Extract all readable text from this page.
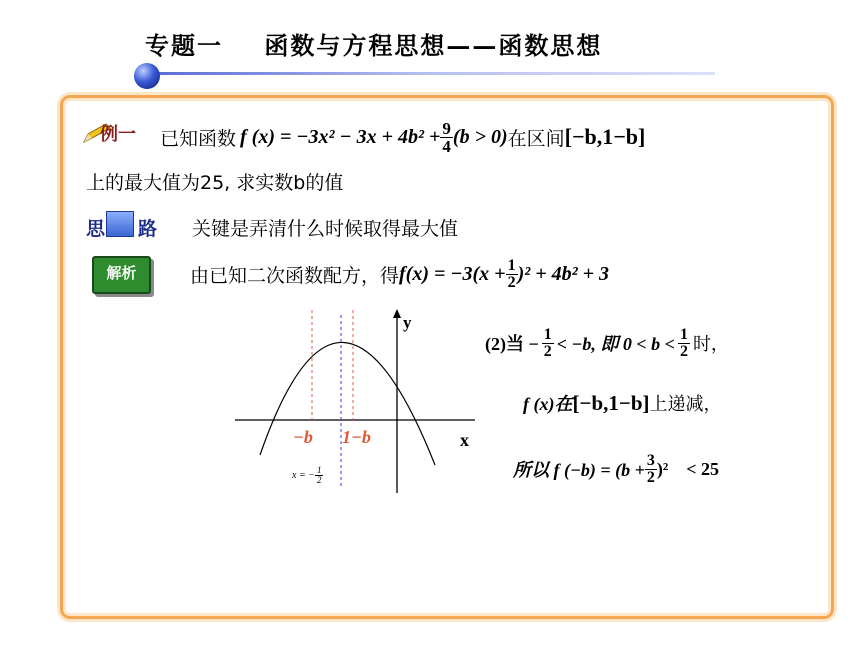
专题一    函数与方程思想——函数思想
例一 已知函数 f $(x) = -3x^2 - 3x + 4b^2 + \frac{9}{4} (b > 0)$ 在区间 [−b,1−b]
上的最大值为25, 求实数b的值
思 路 关键是弄清什么时候取得最大值
解析	由已知二次函数配方，得 $f(x) = -3(x + \frac{1}{2} )^2 + 4b^2 + 3$
y
x
−b 1−b
x = − $\frac{1}{2}$
(2)当 − $\frac{1}{2} < -b$, 即 $0 < b < \frac{1}{2}$ 时，
f (x)在 [−b,1−b] 上递减，
所以 f $(-b) = (b + \frac{3}{2} )^2 < 25$
